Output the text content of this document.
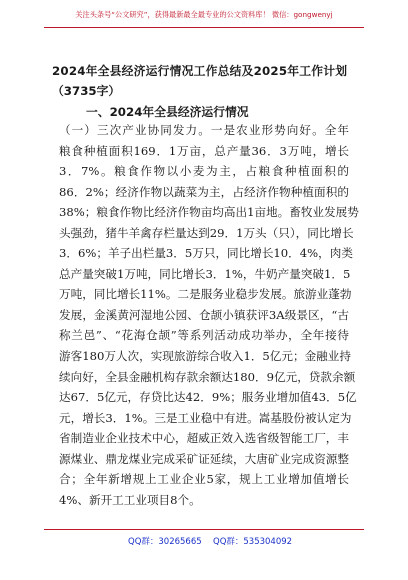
关注头条号“公文研究”，获得最新最全最专业的公文资料库！ 微信：gongwenyj
2024年全县经济运行情况工作总结及2025年工作计划
（3735字）
一、2024年全县经济运行情况
（一）三次产业协同发力。一是农业形势向好。全年
粮食种植面积169．1万亩，总产量36．3万吨，增长
3．7%。粮食作物以小麦为主，占粮食种植面积的
86．2%；经济作物以蔬菜为主，占经济作物种植面积的
38%；粮食作物比经济作物亩均高出1亩地。畜牧业发展势
头强劲，猪牛羊禽存栏量达到29．1万头（只），同比增长
3．6%；羊子出栏量3．5万只，同比增长10．4%，肉类
总产量突破1万吨，同比增长3．1%，牛奶产量突破1．5
万吨，同比增长11%。二是服务业稳步发展。旅游业蓬勃
发展，金溪黄河湿地公园、仓颉小镇获评3A级景区，“古
称兰邑”、“花海仓颉”等系列活动成功举办，全年接待
游客180万人次，实现旅游综合收入1．5亿元；金融业持
续向好，全县金融机构存款余额达180．9亿元，贷款余额
达67．5亿元，存贷比达42．9%；服务业增加值43．5亿
元，增长3．1%。三是工业稳中有进。嵩基股份被认定为
省制造业企业技术中心，超威正效入选省级智能工厂，丰
源煤业、鼎龙煤业完成采矿证延续，大唐矿业完成资源整
合；全年新增规上工业企业5家，规上工业增加值增长
4%、新开工工业项目8个。
QQ群：30265665 QQ群：535304092
